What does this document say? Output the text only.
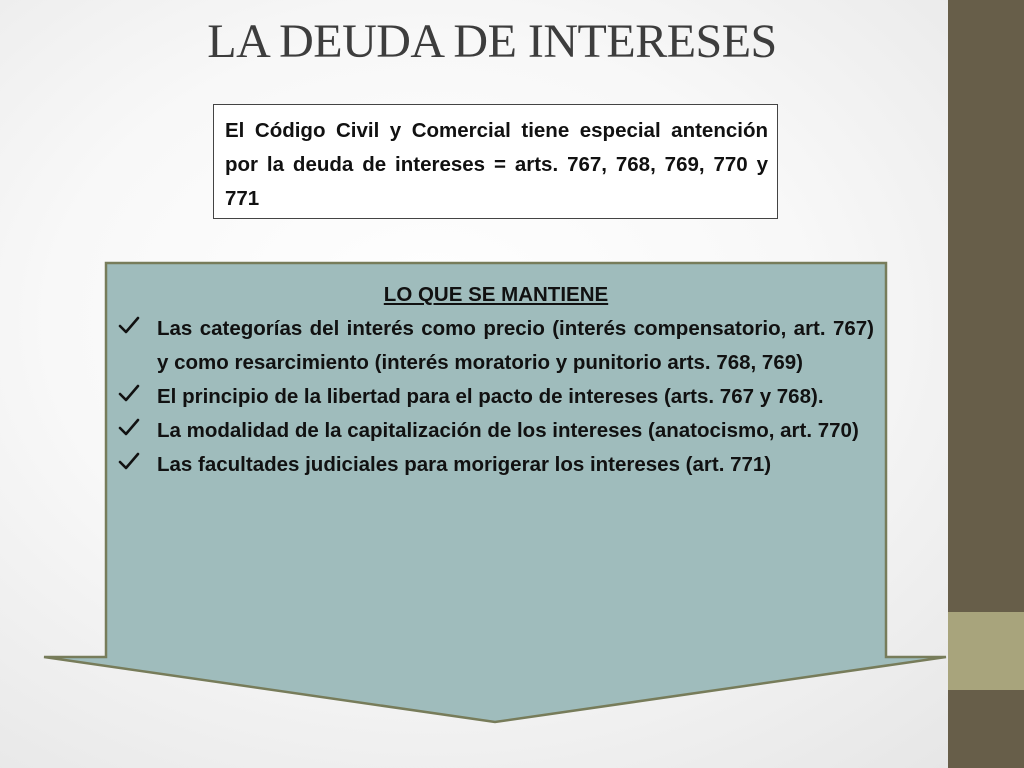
LA DEUDA DE INTERESES

El Código Civil y Comercial tiene especial antención por la deuda de intereses = arts. 767, 768, 769, 770 y 771

LO QUE SE MANTIENE
Las categorías del interés como precio (interés compensatorio, art. 767) y como resarcimiento (interés moratorio y punitorio arts. 768, 769)
El principio de la libertad para el pacto de intereses (arts. 767 y 768).
La modalidad de la capitalización de los intereses (anatocismo, art. 770)
Las facultades judiciales para morigerar los intereses (art. 771)
